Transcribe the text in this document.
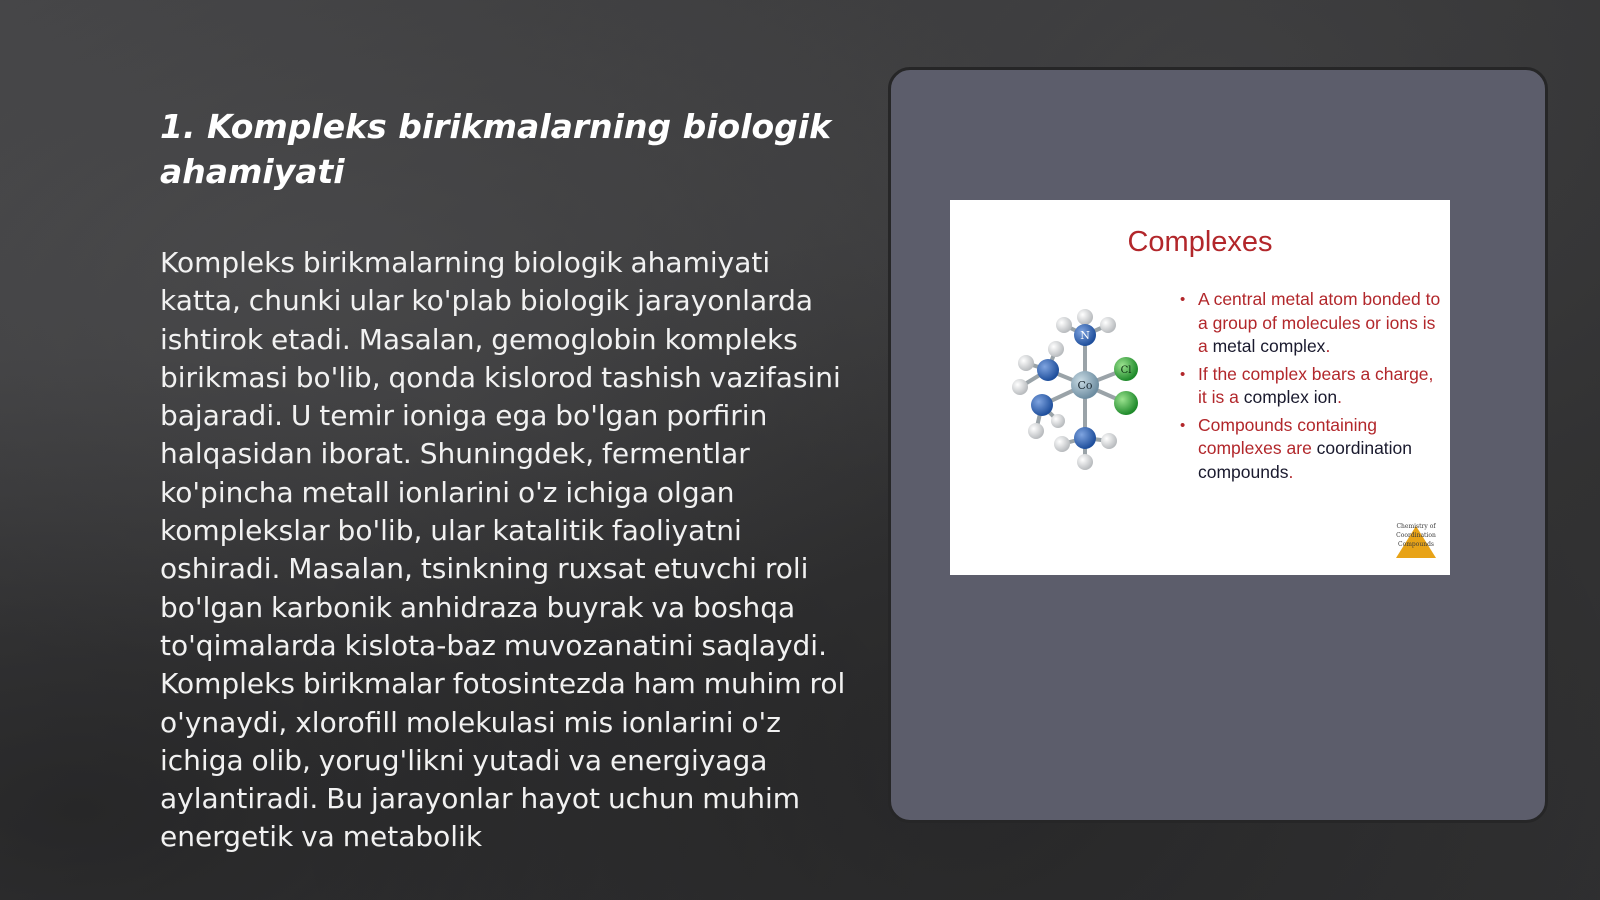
1. Kompleks birikmalarning biologik ahamiyati

Kompleks birikmalarning biologik ahamiyati katta, chunki ular ko'plab biologik jarayonlarda ishtirok etadi. Masalan, gemoglobin kompleks birikmasi bo'lib, qonda kislorod tashish vazifasini bajaradi. U temir ioniga ega bo'lgan porfirin halqasidan iborat. Shuningdek, fermentlar ko'pincha metall ionlarini o'z ichiga olgan komplekslar bo'lib, ular katalitik faoliyatni oshiradi. Masalan, tsinkning ruxsat etuvchi roli bo'lgan karbonik anhidraza buyrak va boshqa to'qimalarda kislota-baz muvozanatini saqlaydi. Kompleks birikmalar fotosintezda ham muhim rol o'ynaydi, xlorofill molekulasi mis ionlarini o'z ichiga olib, yorug'likni yutadi va energiyaga aylantiradi. Bu jarayonlar hayot uchun muhim energetik va metabolik

Complexes
Co
N
Cl
• A central metal atom bonded to a group of molecules or ions is a metal complex.
• If the complex bears a charge, it is a complex ion.
• Compounds containing complexes are coordination compounds.
Chemistry of
Coordination
Compounds
